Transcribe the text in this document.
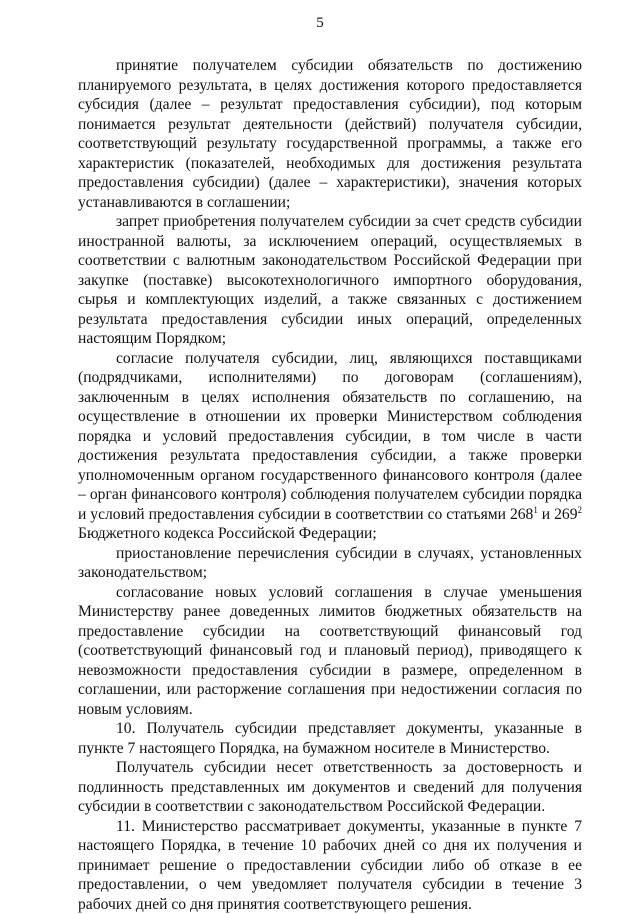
5

принятие получателем субсидии обязательств по достижению планируемого результата, в целях достижения которого предоставляется субсидия (далее – результат предоставления субсидии), под которым понимается результат деятельности (действий) получателя субсидии, соответствующий результату государственной программы, а также его характеристик (показателей, необходимых для достижения результата предоставления субсидии) (далее – характеристики), значения которых устанавливаются в соглашении;

запрет приобретения получателем субсидии за счет средств субсидии иностранной валюты, за исключением операций, осуществляемых в соответствии с валютным законодательством Российской Федерации при закупке (поставке) высокотехнологичного импортного оборудования, сырья и комплектующих изделий, а также связанных с достижением результата предоставления субсидии иных операций, определенных настоящим Порядком;

согласие получателя субсидии, лиц, являющихся поставщиками (подрядчиками, исполнителями) по договорам (соглашениям), заключенным в целях исполнения обязательств по соглашению, на осуществление в отношении их проверки Министерством соблюдения порядка и условий предоставления субсидии, в том числе в части достижения результата предоставления субсидии, а также проверки уполномоченным органом государственного финансового контроля (далее – орган финансового контроля) соблюдения получателем субсидии порядка и условий предоставления субсидии в соответствии со статьями $268^1$ и $269^2$ Бюджетного кодекса Российской Федерации;

приостановление перечисления субсидии в случаях, установленных законодательством;

согласование новых условий соглашения в случае уменьшения Министерству ранее доведенных лимитов бюджетных обязательств на предоставление субсидии на соответствующий финансовый год (соответствующий финансовый год и плановый период), приводящего к невозможности предоставления субсидии в размере, определенном в соглашении, или расторжение соглашения при недостижении согласия по новым условиям.

10. Получатель субсидии представляет документы, указанные в пункте 7 настоящего Порядка, на бумажном носителе в Министерство.

Получатель субсидии несет ответственность за достоверность и подлинность представленных им документов и сведений для получения субсидии в соответствии с законодательством Российской Федерации.

11. Министерство рассматривает документы, указанные в пункте 7 настоящего Порядка, в течение 10 рабочих дней со дня их получения и принимает решение о предоставлении субсидии либо об отказе в ее предоставлении, о чем уведомляет получателя субсидии в течение 3 рабочих дней со дня принятия соответствующего решения.
